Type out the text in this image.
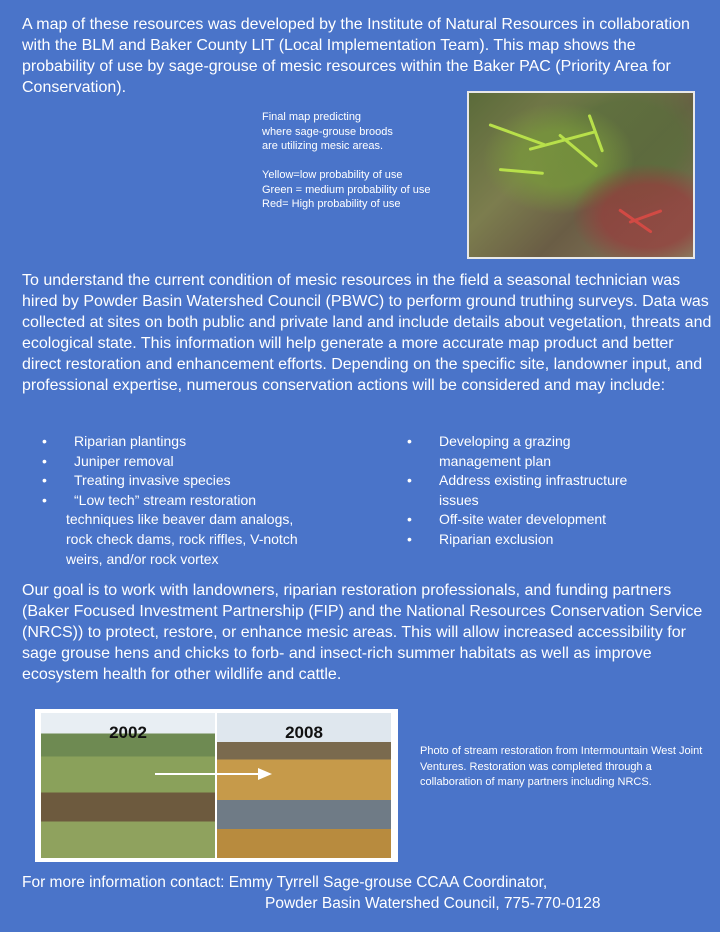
A map of these resources was developed by the Institute of Natural Resources in collaboration with the BLM and Baker County LIT (Local Implementation Team). This map shows the probability of use by sage-grouse of mesic resources within the Baker PAC (Priority Area for Conservation).

Final map predicting
where sage-grouse broods
are utilizing mesic areas.
Yellow=low probability of use
Green = medium probability of use
Red= High probability of use

To understand the current condition of mesic resources in the field a seasonal technician was hired by Powder Basin Watershed Council (PBWC) to perform ground truthing surveys. Data was collected at sites on both public and private land and include details about vegetation, threats and ecological state. This information will help generate a more accurate map product and better direct restoration and enhancement efforts. Depending on the specific site, landowner input, and professional expertise, numerous conservation actions will be considered and may include:

• Riparian plantings
• Juniper removal
• Treating invasive species
• “Low tech” stream restoration
techniques like beaver dam analogs,
rock check dams, rock riffles, V-notch
weirs, and/or rock vortex
• Developing a grazing
management plan
• Address existing infrastructure
issues
• Off-site water development
• Riparian exclusion

Our goal is to work with landowners, riparian restoration professionals, and funding partners (Baker Focused Investment Partnership (FIP) and the National Resources Conservation Service (NRCS)) to protect, restore, or enhance mesic areas. This will allow increased accessibility for sage grouse hens and chicks to forb- and insect-rich summer habitats as well as improve ecosystem health for other wildlife and cattle.

2002	2008
Photo of stream restoration from Intermountain West Joint Ventures. Restoration was completed through a collaboration of many partners including NRCS.
For more information contact: Emmy Tyrrell Sage-grouse CCAA Coordinator,
Powder Basin Watershed Council, 775-770-0128
